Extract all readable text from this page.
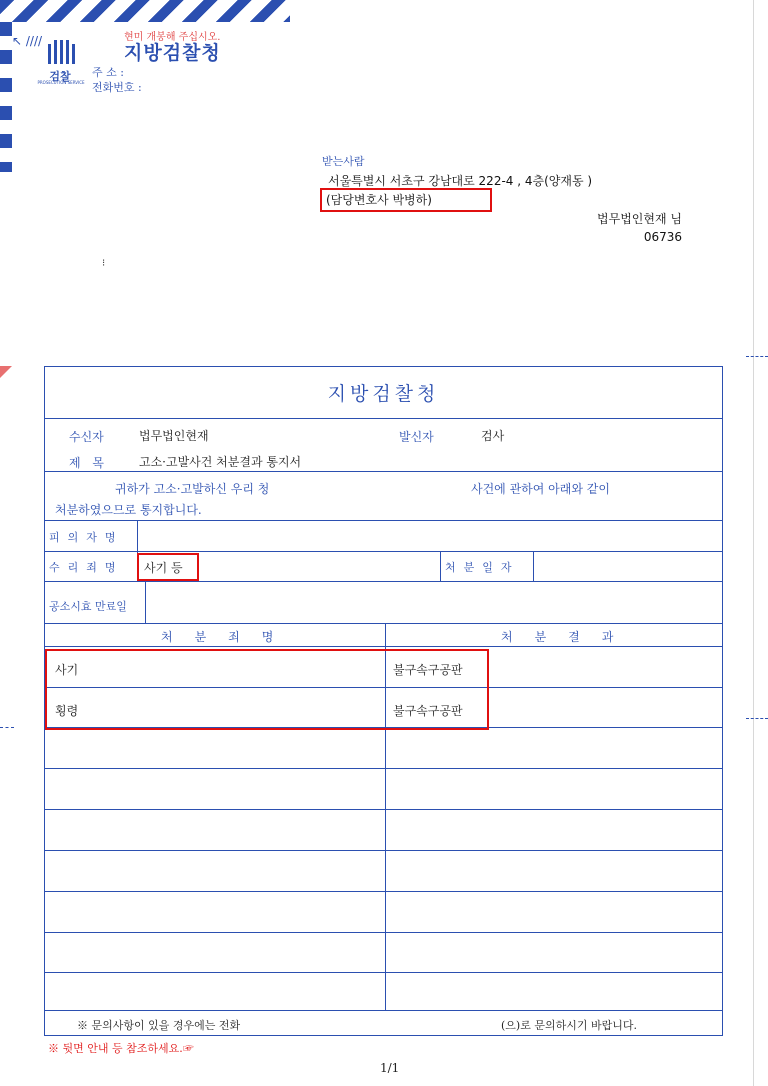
↖ ////
검찰
PROSECUTION SERVICE
현미 개봉해 주십시오.
지방검찰청
주 소 :
전화번호 :
받는사람
서울특별시 서초구 강남대로 222-4 , 4층(양재동 )
(담당변호사 박병하)
법무법인현재 님
06736
⁝
지방검찰청
수신자	법무법인현재	발신자	검사
제 목	고소·고발사건 처분결과 통지서
귀하가 고소·고발하신 우리 청	사건에 관하여 아래와 같이
처분하였으므로 통지합니다.
피의자명
수리죄명 사기 등	처분일자
공소시효 만료일
처분죄명	처분결과
사기	불구속구공판
횡령	불구속구공판
※ 문의사항이 있을 경우에는 전화	(으)로 문의하시기 바랍니다.
※ 뒷면 안내 등 참조하세요.☞
1/1
